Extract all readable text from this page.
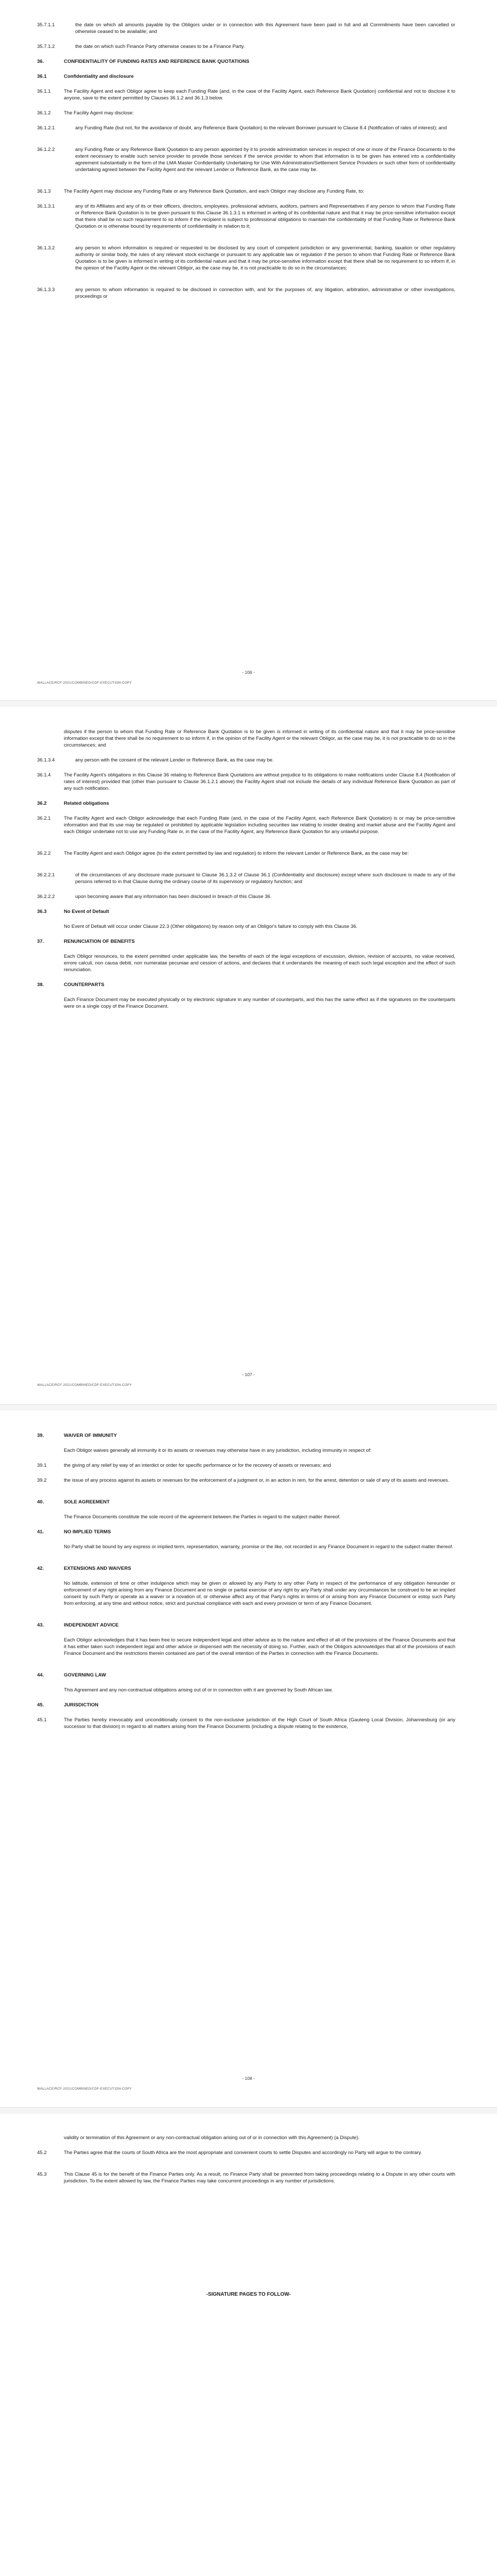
35.7.1.1	the date on which all amounts payable by the Obligors under or in connection with this Agreement have been paid in full and all Commitments have been cancelled or otherwise ceased to be available; and
35.7.1.2	the date on which such Finance Party otherwise ceases to be a Finance Party.
36.	CONFIDENTIALITY OF FUNDING RATES AND REFERENCE BANK QUOTATIONS
36.1	Confidentiality and disclosure
36.1.1	The Facility Agent and each Obligor agree to keep each Funding Rate (and, in the case of the Facility Agent, each Reference Bank Quotation) confidential and not to disclose it to anyone, save to the extent permitted by Clauses 36.1.2 and 36.1.3 below.
36.1.2	The Facility Agent may disclose:
36.1.2.1	any Funding Rate (but not, for the avoidance of doubt, any Reference Bank Quotation) to the relevant Borrower pursuant to Clause 8.4 (Notification of rates of interest); and
36.1.2.2	any Funding Rate or any Reference Bank Quotation to any person appointed by it to provide administration services in respect of one or more of the Finance Documents to the extent necessary to enable such service provider to provide those services if the service provider to whom that information is to be given has entered into a confidentiality agreement substantially in the form of the LMA Master Confidentiality Undertaking for Use With Administration/Settlement Service Providers or such other form of confidentiality undertaking agreed between the Facility Agent and the relevant Lender or Reference Bank, as the case may be.
36.1.3	The Facility Agent may disclose any Funding Rate or any Reference Bank Quotation, and each Obligor may disclose any Funding Rate, to:
36.1.3.1	any of its Affiliates and any of its or their officers, directors, employees, professional advisers, auditors, partners and Representatives if any person to whom that Funding Rate or Reference Bank Quotation is to be given pursuant to this Clause 36.1.3.1 is informed in writing of its confidential nature and that it may be price-sensitive information except that there shall be no such requirement to so inform if the recipient is subject to professional obligations to maintain the confidentiality of that Funding Rate or Reference Bank Quotation or is otherwise bound by requirements of confidentiality in relation to it;
36.1.3.2	any person to whom information is required or requested to be disclosed by any court of competent jurisdiction or any governmental, banking, taxation or other regulatory authority or similar body, the rules of any relevant stock exchange or pursuant to any applicable law or regulation if the person to whom that Funding Rate or Reference Bank Quotation is to be given is informed in writing of its confidential nature and that it may be price-sensitive information except that there shall be no requirement to so inform if, in the opinion of the Facility Agent or the relevant Obligor, as the case may be, it is not practicable to do so in the circumstances;
36.1.3.3	any person to whom information is required to be disclosed in connection with, and for the purposes of, any litigation, arbitration, administrative or other investigations, proceedings or
- 106 -
WALLACE/RCF-2021/COMBINED/CDF-EXECUTION-COPY
disputes if the person to whom that Funding Rate or Reference Bank Quotation is to be given is informed in writing of its confidential nature and that it may be price-sensitive information except that there shall be no requirement to so inform if, in the opinion of the Facility Agent or the relevant Obligor, as the case may be, it is not practicable to do so in the circumstances; and
36.1.3.4	any person with the consent of the relevant Lender or Reference Bank, as the case may be.
36.1.4	The Facility Agent's obligations in this Clause 36 relating to Reference Bank Quotations are without prejudice to its obligations to make notifications under Clause 8.4 (Notification of rates of interest) provided that (other than pursuant to Clause 36.1.2.1 above) the Facility Agent shall not include the details of any individual Reference Bank Quotation as part of any such notification.
36.2	Related obligations
36.2.1	The Facility Agent and each Obligor acknowledge that each Funding Rate (and, in the case of the Facility Agent, each Reference Bank Quotation) is or may be price-sensitive information and that its use may be regulated or prohibited by applicable legislation including securities law relating to insider dealing and market abuse and the Facility Agent and each Obligor undertake not to use any Funding Rate or, in the case of the Facility Agent, any Reference Bank Quotation for any unlawful purpose.
36.2.2	The Facility Agent and each Obligor agree (to the extent permitted by law and regulation) to inform the relevant Lender or Reference Bank, as the case may be:
36.2.2.1	of the circumstances of any disclosure made pursuant to Clause 36.1.3.2 of Clause 36.1 (Confidentiality and disclosure) except where such disclosure is made to any of the persons referred to in that Clause during the ordinary course of its supervisory or regulatory function; and
36.2.2.2	upon becoming aware that any information has been disclosed in breach of this Clause 36.
36.3	No Event of Default
No Event of Default will occur under Clause 22.3 (Other obligations) by reason only of an Obligor's failure to comply with this Clause 36.
37.	RENUNCIATION OF BENEFITS
Each Obligor renounces, to the extent permitted under applicable law, the benefits of each of the legal exceptions of excussion, division, revision of accounts, no value received, errore calculi, non causa debiti, non numeratae pecuniae and cession of actions, and declares that it understands the meaning of each such legal exception and the effect of such renunciation.
38.	COUNTERPARTS
Each Finance Document may be executed physically or by electronic signature in any number of counterparts, and this has the same effect as if the signatures on the counterparts were on a single copy of the Finance Document.
- 107 -
WALLACE/RCF-2021/COMBINED/CDF-EXECUTION-COPY
39.	WAIVER OF IMMUNITY
Each Obligor waives generally all immunity it or its assets or revenues may otherwise have in any jurisdiction, including immunity in respect of:
39.1	the giving of any relief by way of an interdict or order for specific performance or for the recovery of assets or revenues; and
39.2	the issue of any process against its assets or revenues for the enforcement of a judgment or, in an action in rem, for the arrest, detention or sale of any of its assets and revenues.
40.	SOLE AGREEMENT
The Finance Documents constitute the sole record of the agreement between the Parties in regard to the subject matter thereof.
41.	NO IMPLIED TERMS
No Party shall be bound by any express or implied term, representation, warranty, promise or the like, not recorded in any Finance Document in regard to the subject matter thereof.
42.	EXTENSIONS AND WAIVERS
No latitude, extension of time or other indulgence which may be given or allowed by any Party to any other Party in respect of the performance of any obligation hereunder or enforcement of any right arising from any Finance Document and no single or partial exercise of any right by any Party shall under any circumstances be construed to be an implied consent by such Party or operate as a waiver or a novation of, or otherwise affect any of that Party's rights in terms of or arising from any Finance Document or estop such Party from enforcing, at any time and without notice, strict and punctual compliance with each and every provision or term of any Finance Document.
43.	INDEPENDENT ADVICE
Each Obligor acknowledges that it has been free to secure independent legal and other advice as to the nature and effect of all of the provisions of the Finance Documents and that it has either taken such independent legal and other advice or dispensed with the necessity of doing so. Further, each of the Obligors acknowledges that all of the provisions of each Finance Document and the restrictions therein contained are part of the overall intention of the Parties in connection with the Finance Documents.
44.	GOVERNING LAW
This Agreement and any non-contractual obligations arising out of or in connection with it are governed by South African law.
45.	JURISDICTION
45.1	The Parties hereby irrevocably and unconditionally consent to the non-exclusive jurisdiction of the High Court of South Africa (Gauteng Local Division, Johannesburg (or any successor to that division) in regard to all matters arising from the Finance Documents (including a dispute relating to the existence,
- 108 -
WALLACE/RCF-2021/COMBINED/CDF-EXECUTION-COPY
validity or termination of this Agreement or any non-contractual obligation arising out of or in connection with this Agreement) (a Dispute).
45.2	The Parties agree that the courts of South Africa are the most appropriate and convenient courts to settle Disputes and accordingly no Party will argue to the contrary.
45.3	This Clause 45 is for the benefit of the Finance Parties only. As a result, no Finance Party shall be prevented from taking proceedings relating to a Dispute in any other courts with jurisdiction. To the extent allowed by law, the Finance Parties may take concurrent proceedings in any number of jurisdictions.
-SIGNATURE PAGES TO FOLLOW-
